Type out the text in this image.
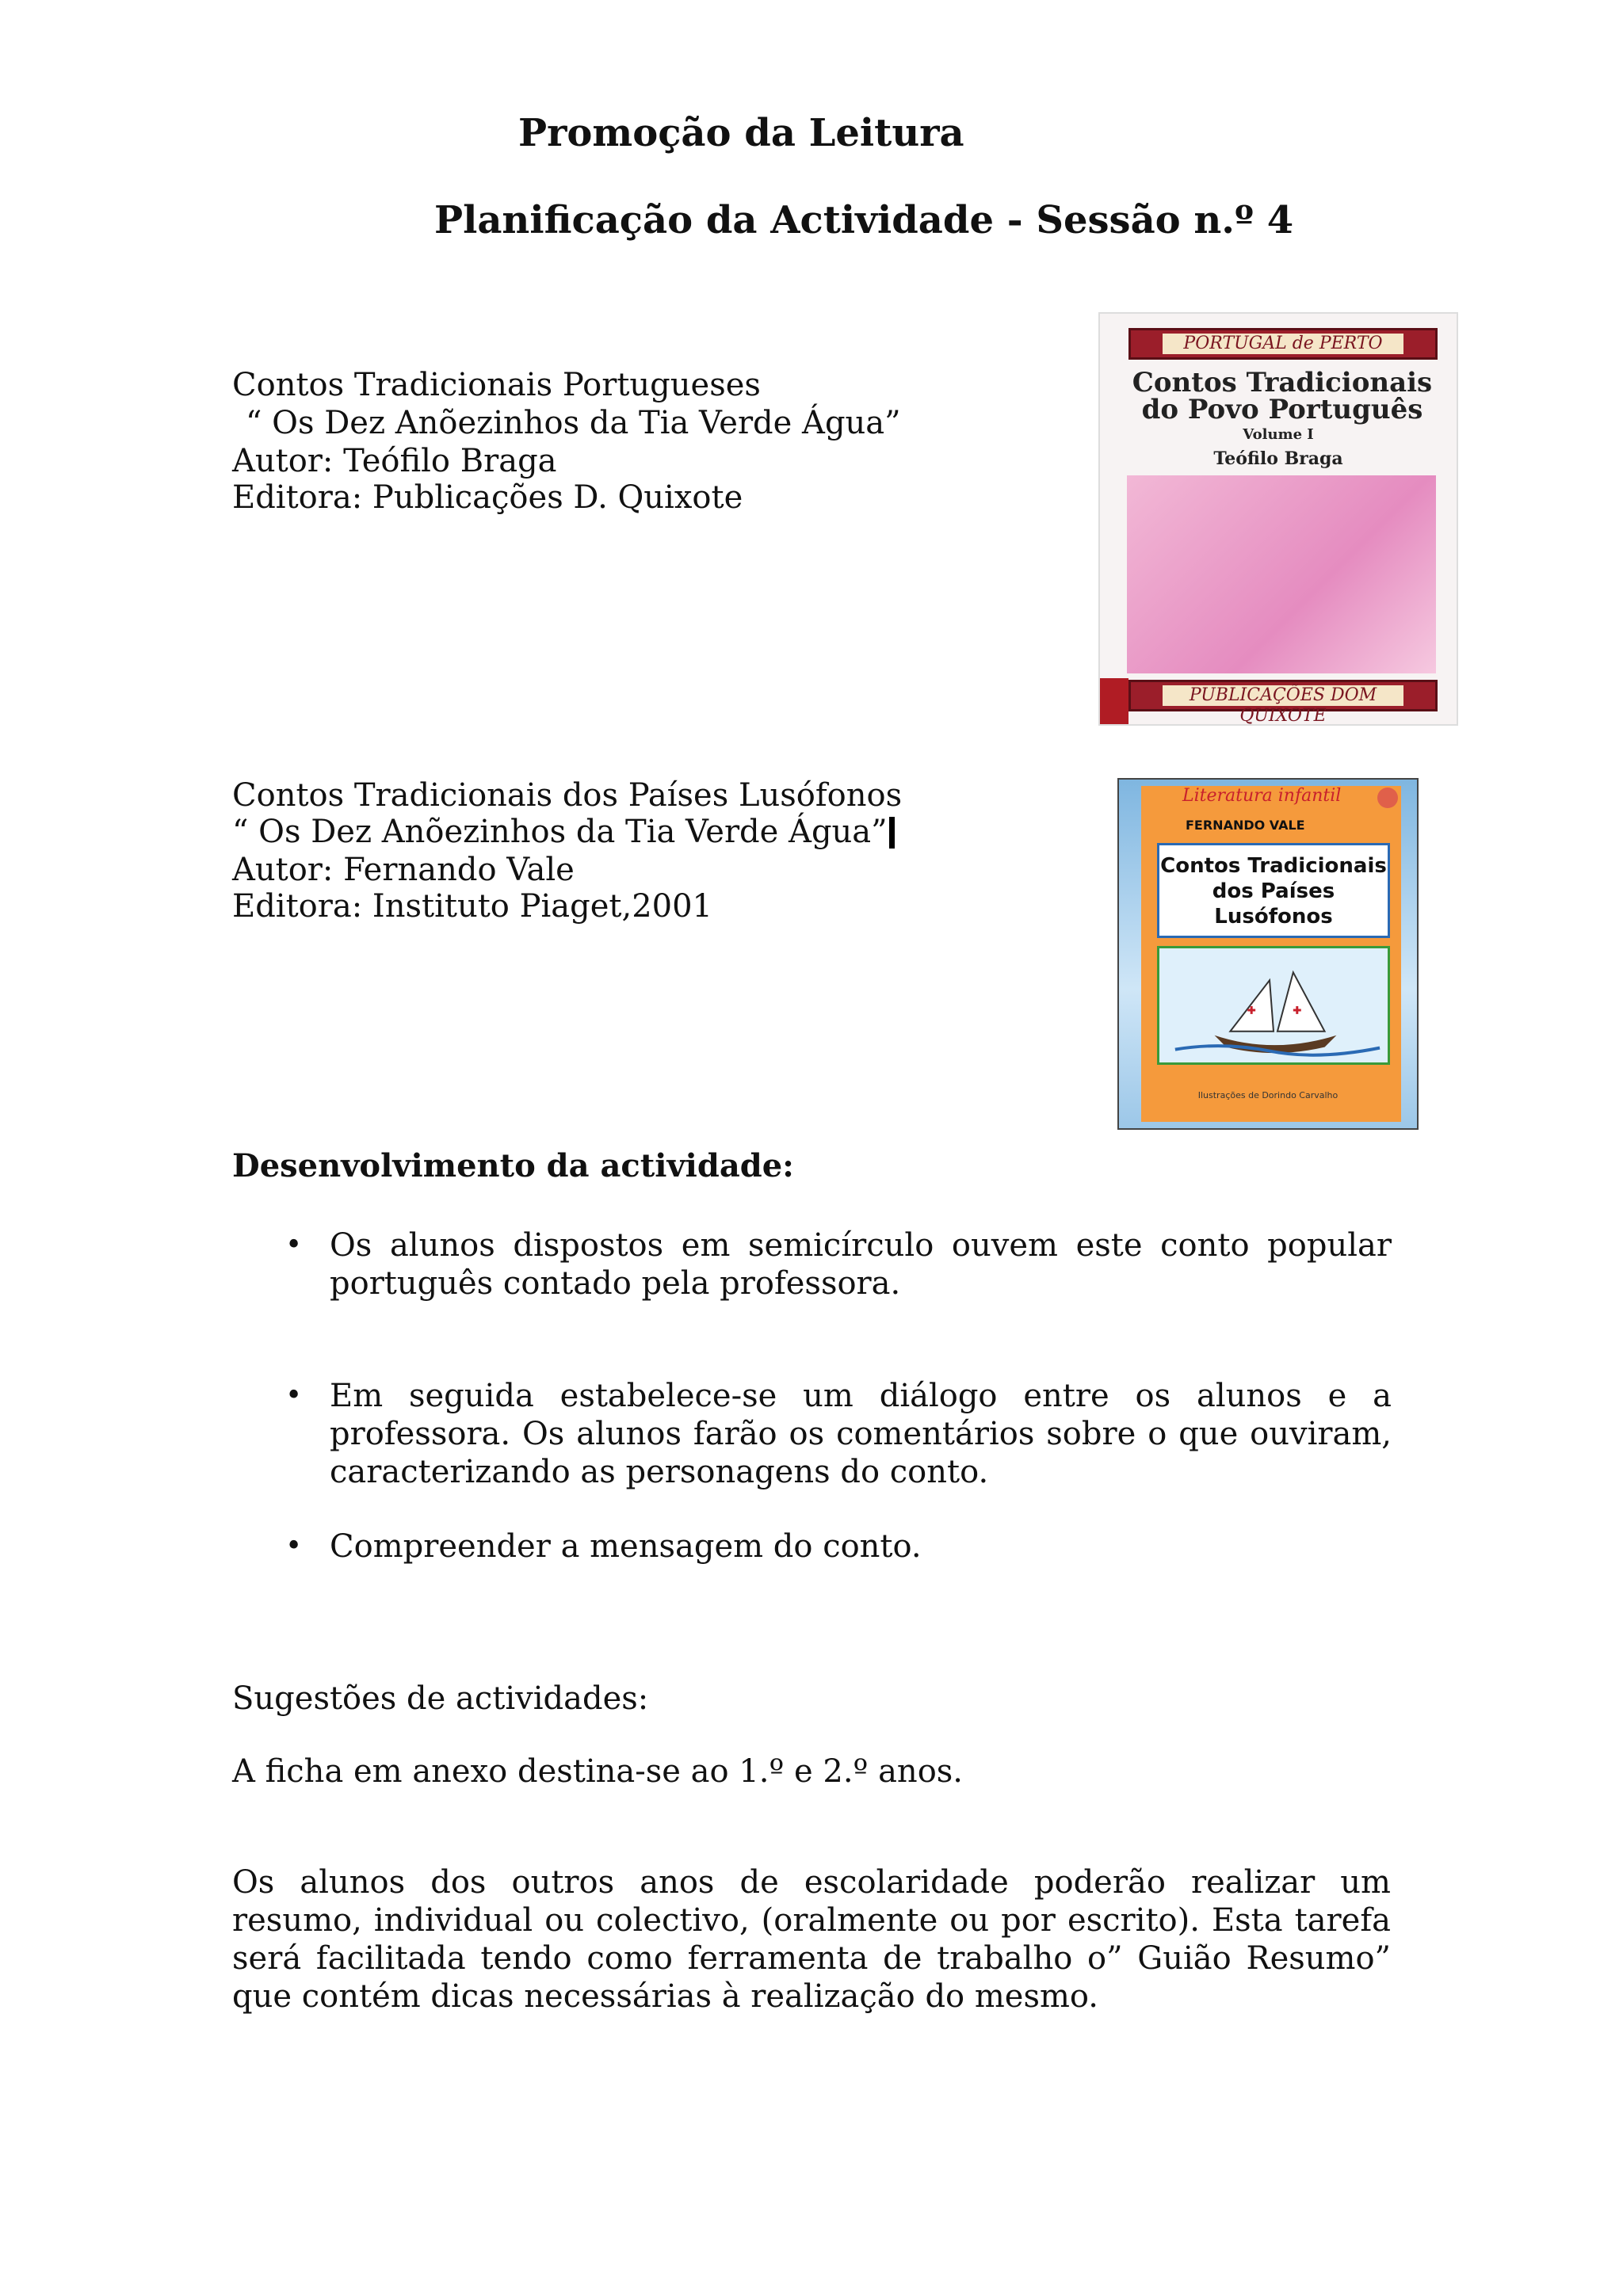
Promoção da Leitura
Planificação da Actividade - Sessão n.º 4
Contos Tradicionais Portugueses
“ Os Dez Anõezinhos da Tia Verde Água”
Autor: Teófilo Braga
Editora: Publicações D. Quixote
PORTUGAL de PERTO
Contos Tradicionais do Povo Português
Volume I
Teófilo Braga
PUBLICAÇÕES DOM QUIXOTE
Contos Tradicionais dos Países Lusófonos
“ Os Dez Anõezinhos da Tia Verde Água”
Autor: Fernando Vale
Editora: Instituto Piaget,2001
Literatura infantil
FERNANDO VALE
Contos Tradicionais dos Países Lusófonos
Ilustrações de Dorindo Carvalho
Desenvolvimento da actividade:
• Os alunos dispostos em semicírculo ouvem este conto popular português contado pela professora.
• Em seguida estabelece-se um diálogo entre os alunos e a professora. Os alunos farão os comentários sobre o que ouviram, caracterizando as personagens do conto.
• Compreender a mensagem do conto.
Sugestões de actividades:
A ficha em anexo destina-se ao 1.º e 2.º anos.
Os alunos dos outros anos de escolaridade poderão realizar um resumo, individual ou colectivo, (oralmente ou por escrito). Esta tarefa será facilitada tendo como ferramenta de trabalho o” Guião Resumo” que contém dicas necessárias à realização do mesmo.
